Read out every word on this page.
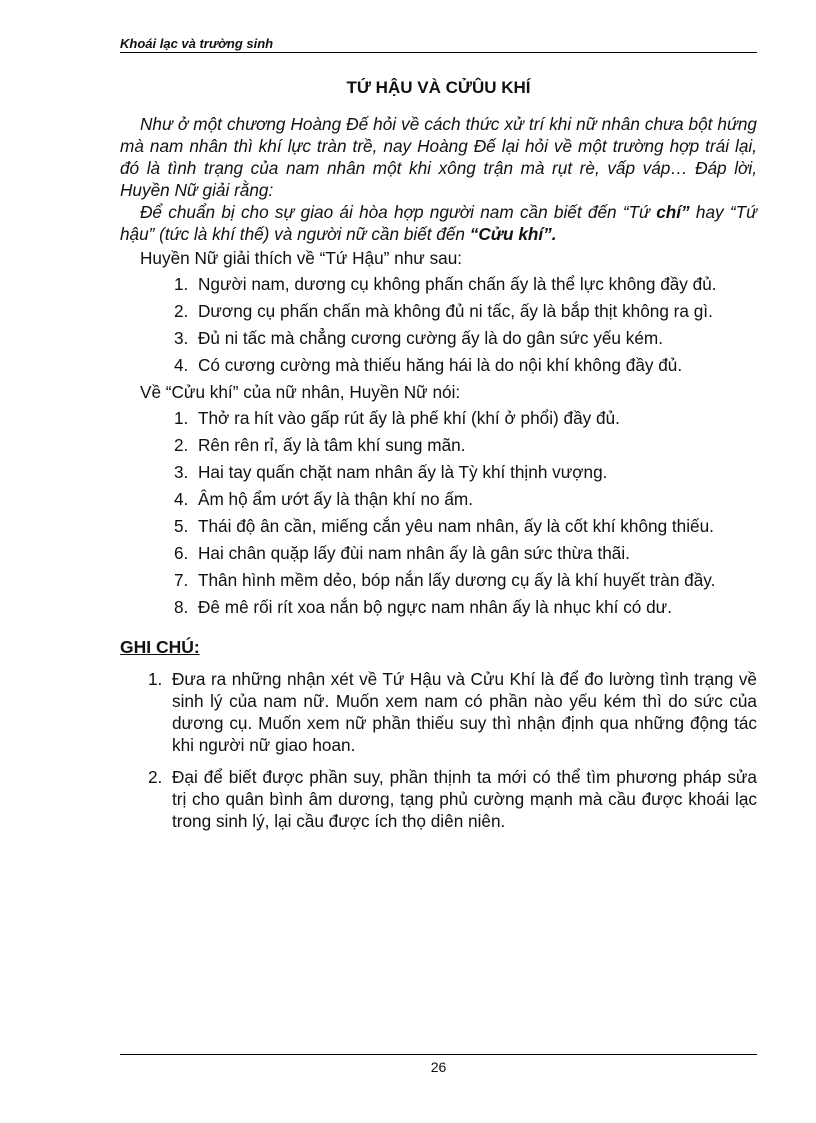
Khoái lạc và trường sinh
TỨ HẬU VÀ CỬÛU KHÍ

Như ở một chương Hoàng Đế hỏi về cách thức xử trí khi nữ nhân chưa bột hứng mà nam nhân thì khí lực tràn trề, nay Hoàng Đế lại hỏi về một trường hợp trái lại, đó là tình trạng của nam nhân một khi xông trận mà rụt rè, vấp váp… Đáp lời, Huyền Nữ giải rằng:

Để chuẩn bị cho sự giao ái hòa hợp người nam cần biết đến “Tứ chí” hay “Tứ hậu” (tức là khí thế) và người nữ cần biết đến “Cửu khí”.

Huyền Nữ giải thích về “Tứ Hậu” như sau:

1. Người nam, dương cụ không phấn chấn ấy là thể lực không đầy đủ.
2. Dương cụ phấn chấn mà không đủ ni tấc, ấy là bắp thịt không ra gì.
3. Đủ ni tấc mà chẳng cương cường ấy là do gân sức yếu kém.
4. Có cương cường mà thiếu hăng hái là do nội khí không đầy đủ.

Về “Cửu khí” của nữ nhân, Huyền Nữ nói:

1. Thở ra hít vào gấp rút ấy là phế khí (khí ở phổi) đầy đủ.
2. Rên rên rỉ, ấy là tâm khí sung mãn.
3. Hai tay quấn chặt nam nhân ấy là Tỳ khí thịnh vượng.
4. Âm hộ ẩm ướt ấy là thận khí no ấm.
5. Thái độ ân cần, miếng cắn yêu nam nhân, ấy là cốt khí không thiếu.
6. Hai chân quặp lấy đùi nam nhân ấy là gân sức thừa thãi.
7. Thân hình mềm dẻo, bóp nắn lấy dương cụ ấy là khí huyết tràn đầy.
8. Đê mê rối rít xoa nắn bộ ngực nam nhân ấy là nhục khí có dư.
GHI CHÚ:
1. Đưa ra những nhận xét về Tứ Hậu và Cửu Khí là để đo lường tình trạng về sinh lý của nam nữ. Muốn xem nam có phần nào yếu kém thì do sức của dương cụ. Muốn xem nữ phần thiếu suy thì nhận định qua những động tác khi người nữ giao hoan.
2. Đại để biết được phần suy, phần thịnh ta mới có thể tìm phương pháp sửa trị cho quân bình âm dương, tạng phủ cường mạnh mà cầu được khoái lạc trong sinh lý, lại cầu được ích thọ diên niên.
26
